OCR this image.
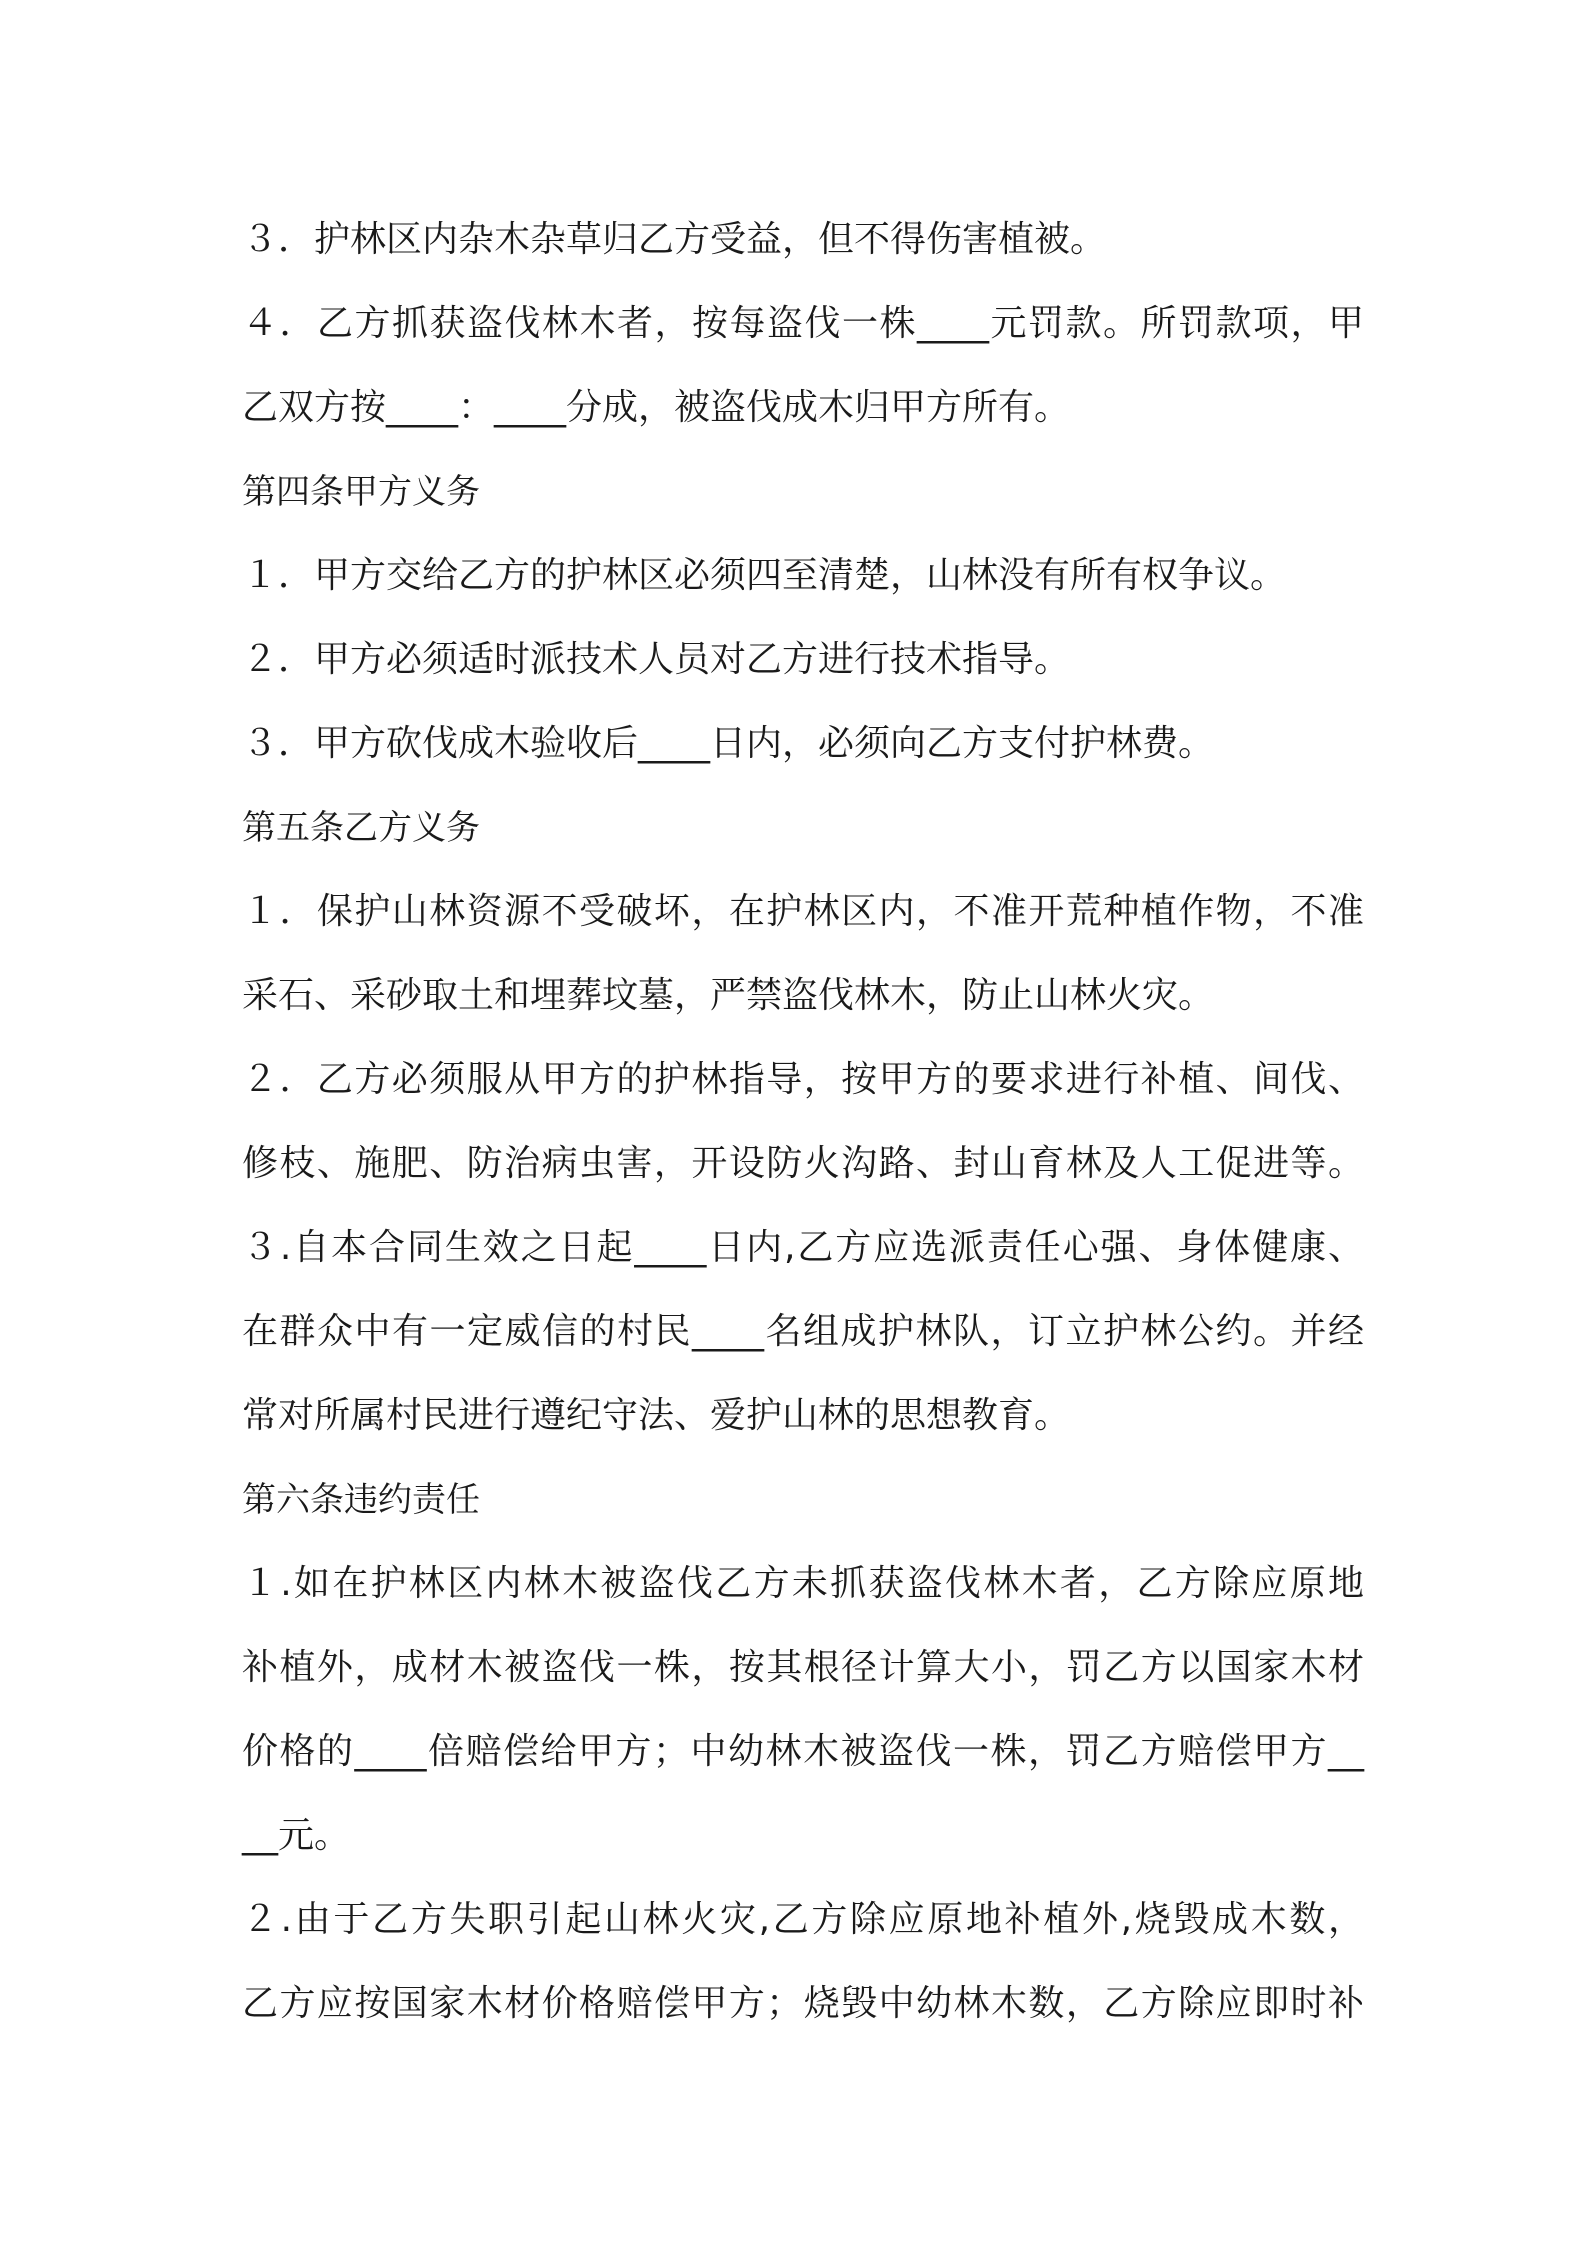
３．护林区内杂木杂草归乙方受益，但不得伤害植被。
４．乙方抓获盗伐林木者，按每盗伐一株____元罚款。所罚款项，甲
乙双方按____：____分成，被盗伐成木归甲方所有。
第四条甲方义务
１．甲方交给乙方的护林区必须四至清楚，山林没有所有权争议。
２．甲方必须适时派技术人员对乙方进行技术指导。
３．甲方砍伐成木验收后____日内，必须向乙方支付护林费。
第五条乙方义务
１．保护山林资源不受破坏，在护林区内，不准开荒种植作物，不准
采石、采砂取土和埋葬坟墓，严禁盗伐林木，防止山林火灾。
２．乙方必须服从甲方的护林指导，按甲方的要求进行补植、间伐、
修枝、施肥、防治病虫害，开设防火沟路、封山育林及人工促进等。
３.自本合同生效之日起____日内,乙方应选派责任心强、身体健康、
在群众中有一定威信的村民____名组成护林队，订立护林公约。并经
常对所属村民进行遵纪守法、爱护山林的思想教育。
第六条违约责任
１.如在护林区内林木被盗伐乙方未抓获盗伐林木者，乙方除应原地
补植外，成材木被盗伐一株，按其根径计算大小，罚乙方以国家木材
价格的____倍赔偿给甲方；中幼林木被盗伐一株，罚乙方赔偿甲方__
__元。
２.由于乙方失职引起山林火灾,乙方除应原地补植外,烧毁成木数，
乙方应按国家木材价格赔偿甲方；烧毁中幼林木数，乙方除应即时补
